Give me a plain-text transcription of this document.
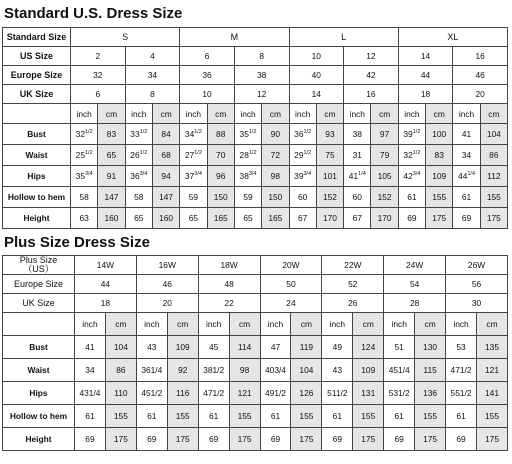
Standard U.S. Dress Size
Standard Size	S				M				L				XL			
US Size	2		4		6		8		10		12		14		16	
Europe Size	32		34		36		38		40		42		44		46	
UK Size	6		8		10		12		14		16		18		20	
	inch	cm	inch	cm	inch	cm	inch	cm	inch	cm	inch	cm	inch	cm	inch	cm
Bust	$32^{1/2}$	83	$33^{1/2}$	84	$34^{1/2}$	88	$35^{1/2}$	90	$36^{1/2}$	93	38	97	$39^{1/2}$	100	41	104
Waist	$25^{1/2}$	65	$26^{1/2}$	68	$27^{1/2}$	70	$28^{1/2}$	72	$29^{1/2}$	75	31	79	$32^{1/2}$	83	34	86
Hips	$35^{3/4}$	91	$36^{3/4}$	94	$37^{3/4}$	96	$38^{3/4}$	98	$39^{3/4}$	101	$41^{1/4}$	105	$42^{3/4}$	109	$44^{1/4}$	112
Hollow to hem	58	147	58	147	59	150	59	150	60	152	60	152	61	155	61	155
Height	63	160	65	160	65	165	65	165	67	170	67	170	69	175	69	175
Plus Size Dress Size
Plus Size
（US）	14W		16W		18W		20W		22W		24W		26W	
Europe Size	44		46		48		50		52		54		56	
UK Size	18		20		22		24		26		28		30	
	inch	cm	inch	cm	inch	cm	inch	cm	inch	cm	inch	cm	inch	cm
Bust	41	104	43	109	45	114	47	119	49	124	51	130	53	135
Waist	34	86	361/4	92	381/2	98	403/4	104	43	109	451/4	115	471/2	121
Hips	431/4	110	451/2	116	471/2	121	491/2	126	511/2	131	531/2	136	551/2	141
Hollow to hem	61	155	61	155	61	155	61	155	61	155	61	155	61	155
Height	69	175	69	175	69	175	69	175	69	175	69	175	69	175
